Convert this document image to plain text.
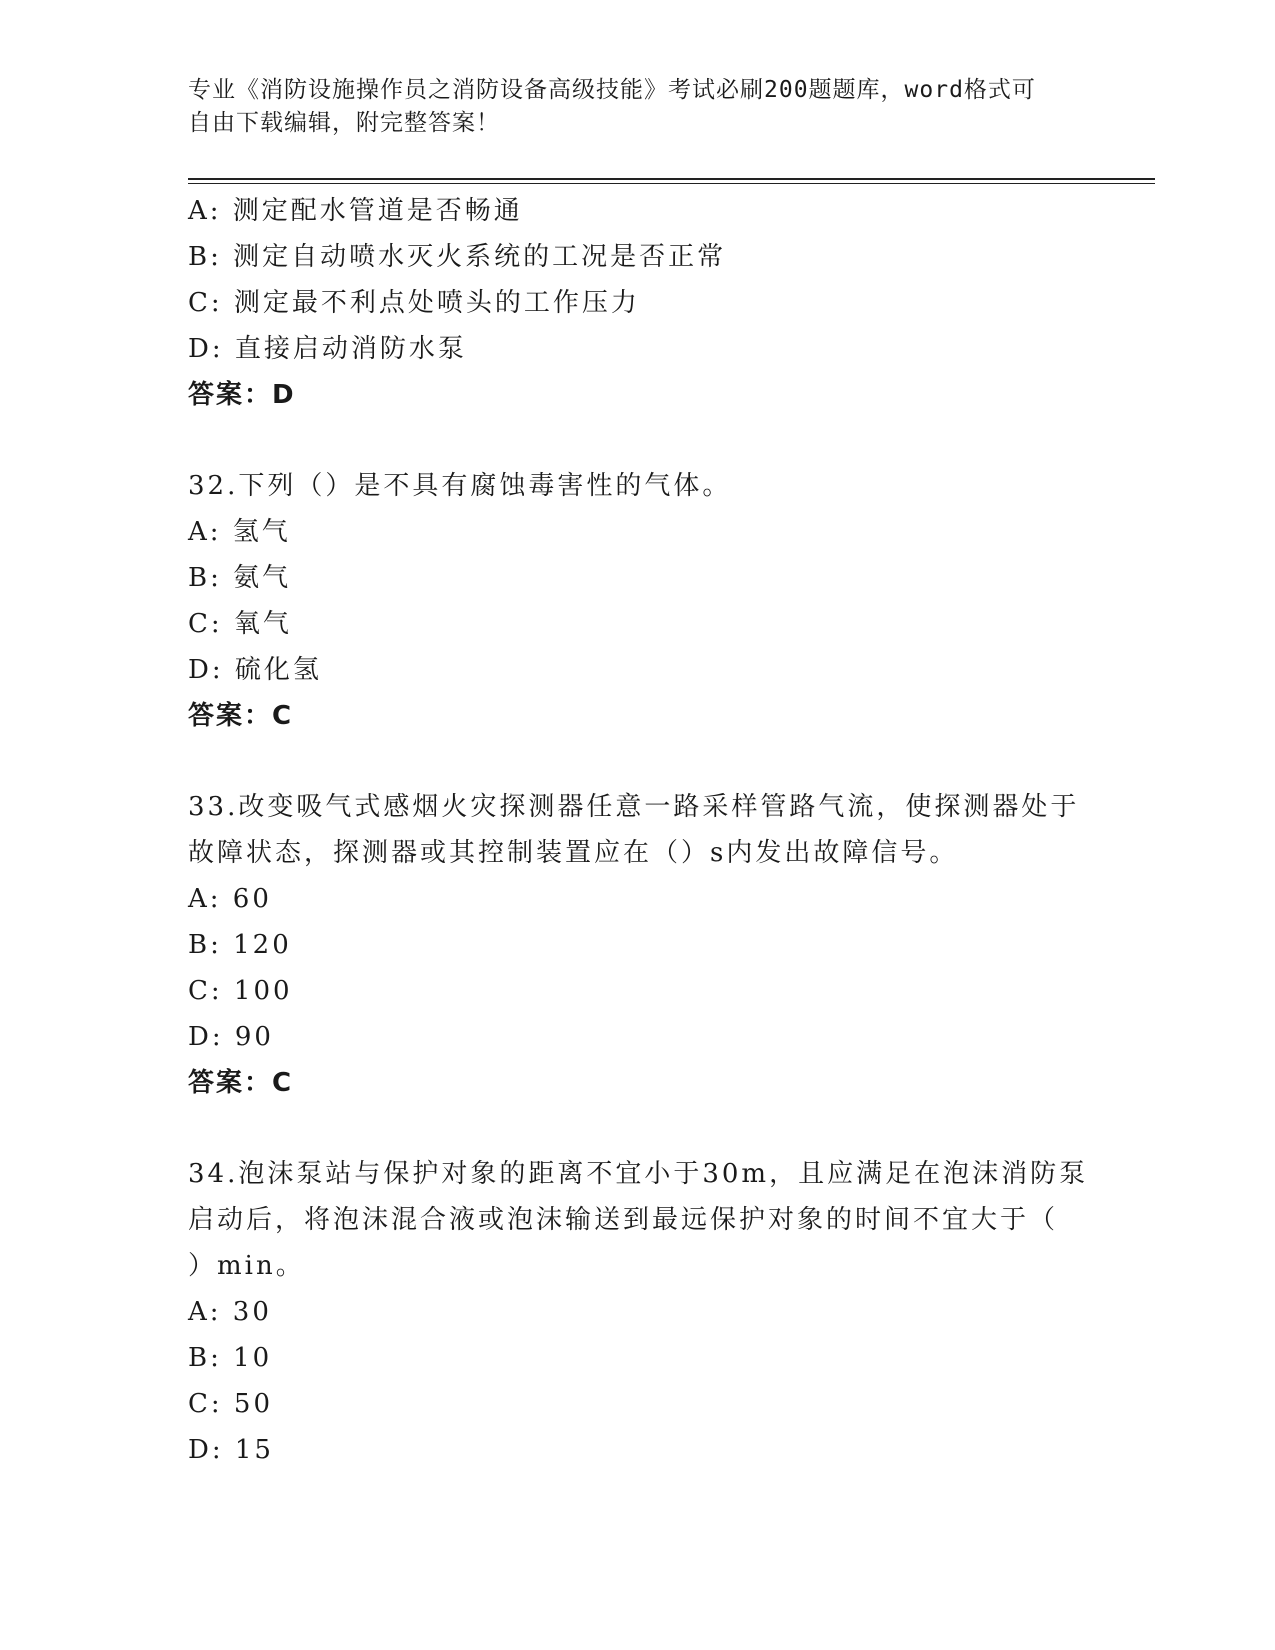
专业《消防设施操作员之消防设备高级技能》考试必刷200题题库，word格式可
自由下载编辑，附完整答案！
A: 测定配水管道是否畅通
B: 测定自动喷水灭火系统的工况是否正常
C: 测定最不利点处喷头的工作压力
D: 直接启动消防水泵
答案：D
32.下列（）是不具有腐蚀毒害性的气体。
A: 氢气
B: 氨气
C: 氧气
D: 硫化氢
答案：C
33.改变吸气式感烟火灾探测器任意一路采样管路气流，使探测器处于
故障状态，探测器或其控制装置应在（）s内发出故障信号。
A: 60
B: 120
C: 100
D: 90
答案：C
34.泡沫泵站与保护对象的距离不宜小于30m，且应满足在泡沫消防泵
启动后，将泡沫混合液或泡沫输送到最远保护对象的时间不宜大于（
）min。
A: 30
B: 10
C: 50
D: 15
